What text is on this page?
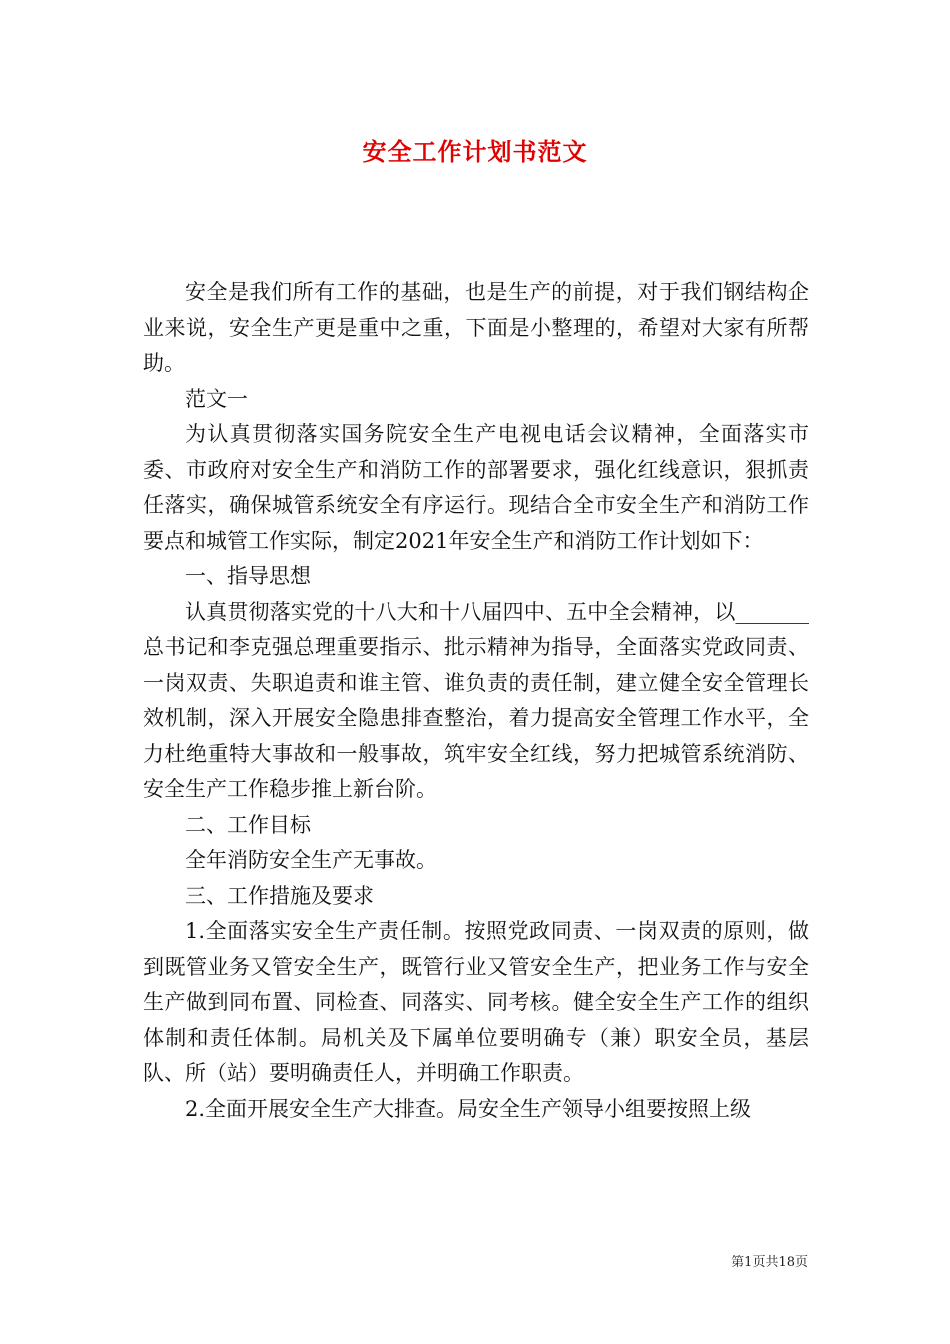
安全工作计划书范文

安全是我们所有工作的基础，也是生产的前提，对于我们钢结构企业来说，安全生产更是重中之重，下面是小整理的，希望对大家有所帮助。

范文一

为认真贯彻落实国务院安全生产电视电话会议精神，全面落实市委、市政府对安全生产和消防工作的部署要求，强化红线意识，狠抓责任落实，确保城管系统安全有序运行。现结合全市安全生产和消防工作要点和城管工作实际，制定2021年安全生产和消防工作计划如下：

一、指导思想

认真贯彻落实党的十八大和十八届四中、五中全会精神，以_______总书记和李克强总理重要指示、批示精神为指导，全面落实党政同责、一岗双责、失职追责和谁主管、谁负责的责任制，建立健全安全管理长效机制，深入开展安全隐患排查整治，着力提高安全管理工作水平，全力杜绝重特大事故和一般事故，筑牢安全红线，努力把城管系统消防、安全生产工作稳步推上新台阶。

二、工作目标

全年消防安全生产无事故。

三、工作措施及要求

1.全面落实安全生产责任制。按照党政同责、一岗双责的原则，做到既管业务又管安全生产，既管行业又管安全生产，把业务工作与安全生产做到同布置、同检查、同落实、同考核。健全安全生产工作的组织体制和责任体制。局机关及下属单位要明确专（兼）职安全员，基层队、所（站）要明确责任人，并明确工作职责。

2.全面开展安全生产大排查。局安全生产领导小组要按照上级

第1页共18页
